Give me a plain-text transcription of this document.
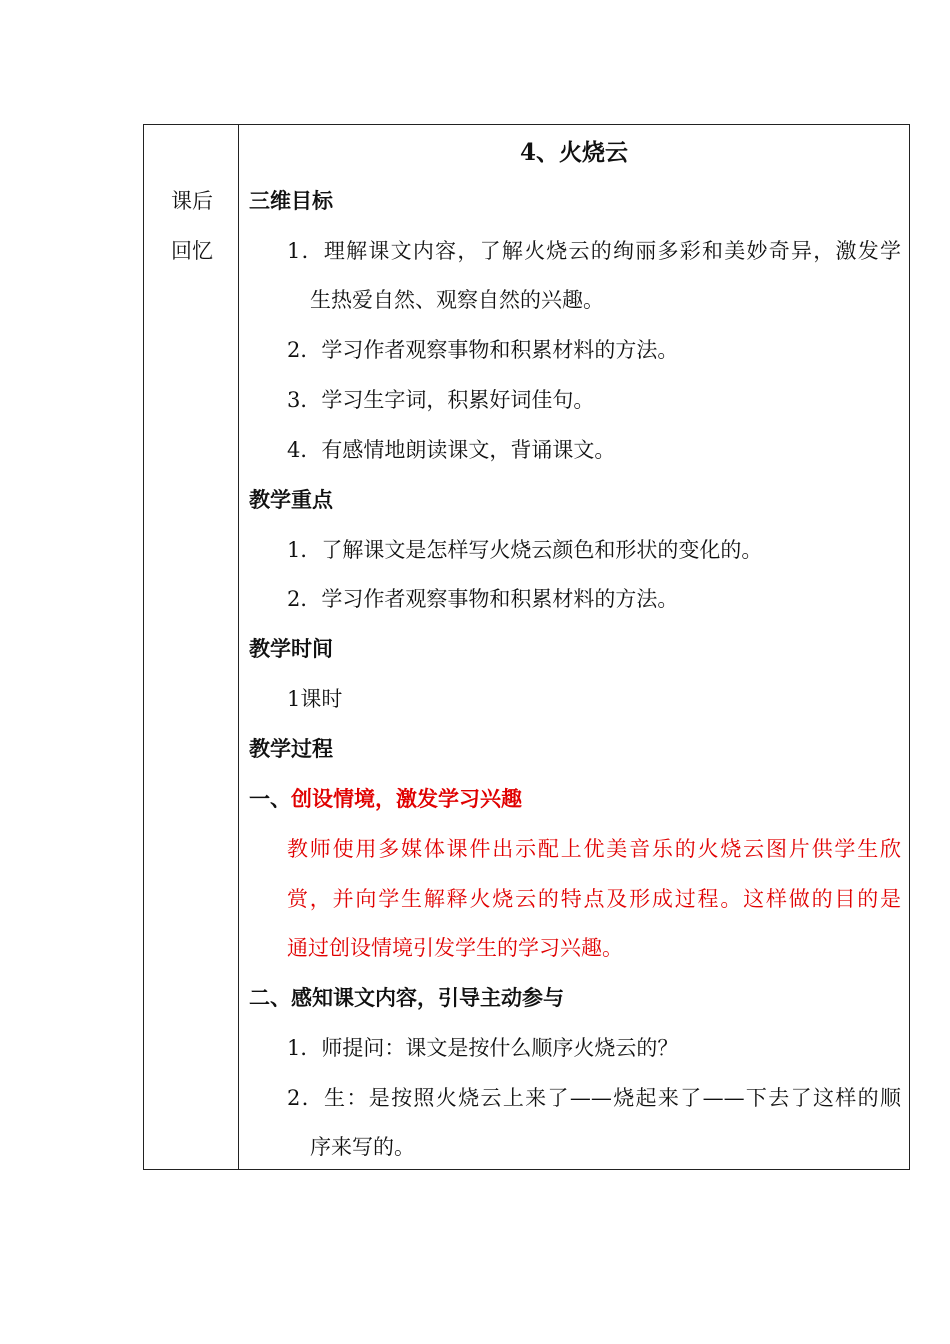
课后
回忆
4、火烧云
三维目标
1．理解课文内容，了解火烧云的绚丽多彩和美妙奇异，激发学
生热爱自然、观察自然的兴趣。
2．学习作者观察事物和积累材料的方法。
3．学习生字词，积累好词佳句。
4．有感情地朗读课文，背诵课文。
教学重点
1．了解课文是怎样写火烧云颜色和形状的变化的。
2．学习作者观察事物和积累材料的方法。
教学时间
1课时
教学过程
一、创设情境，激发学习兴趣
教师使用多媒体课件出示配上优美音乐的火烧云图片供学生欣
赏，并向学生解释火烧云的特点及形成过程。这样做的目的是
通过创设情境引发学生的学习兴趣。
二、感知课文内容，引导主动参与
1．师提问：课文是按什么顺序火烧云的？
2．生：是按照火烧云上来了——烧起来了——下去了这样的顺
序来写的。
